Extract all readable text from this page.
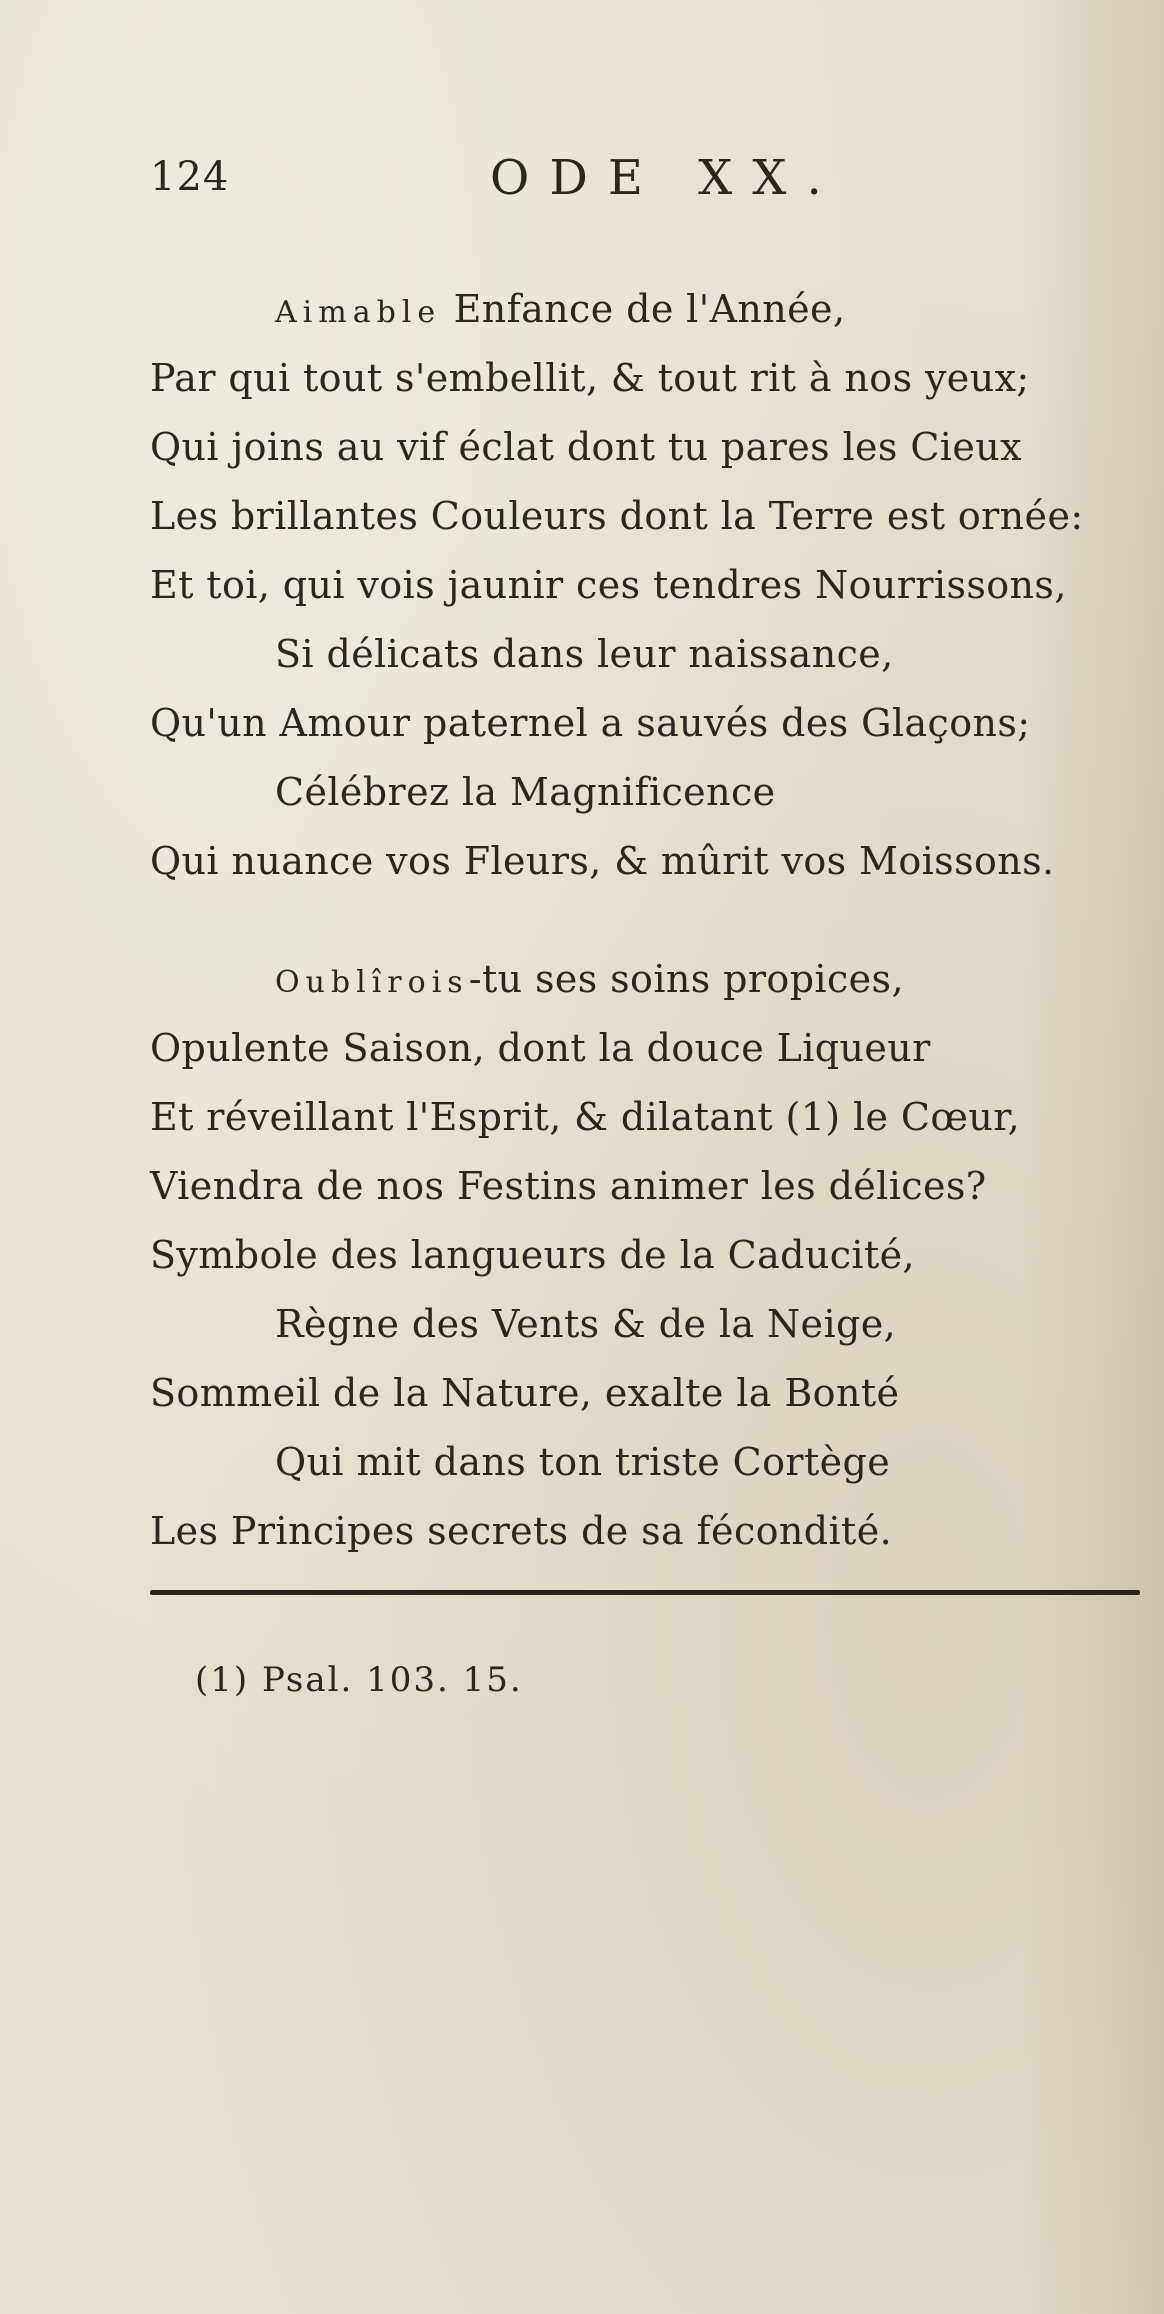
124	ODE XX.
Aimable Enfance de l'Année,
Par qui tout s'embellit, & tout rit à nos yeux;
Qui joins au vif éclat dont tu pares les Cieux
Les brillantes Couleurs dont la Terre est ornée:
Et toi, qui vois jaunir ces tendres Nourrissons,
Si délicats dans leur naissance,
Qu'un Amour paternel a sauvés des Glaçons;
Célébrez la Magnificence
Qui nuance vos Fleurs, & mûrit vos Moissons.
Oublîrois-tu ses soins propices,
Opulente Saison, dont la douce Liqueur
Et réveillant l'Esprit, & dilatant (1) le Cœur,
Viendra de nos Festins animer les délices?
Symbole des langueurs de la Caducité,
Règne des Vents & de la Neige,
Sommeil de la Nature, exalte la Bonté
Qui mit dans ton triste Cortège
Les Principes secrets de sa fécondité.
(1) Psal. 103. 15.
